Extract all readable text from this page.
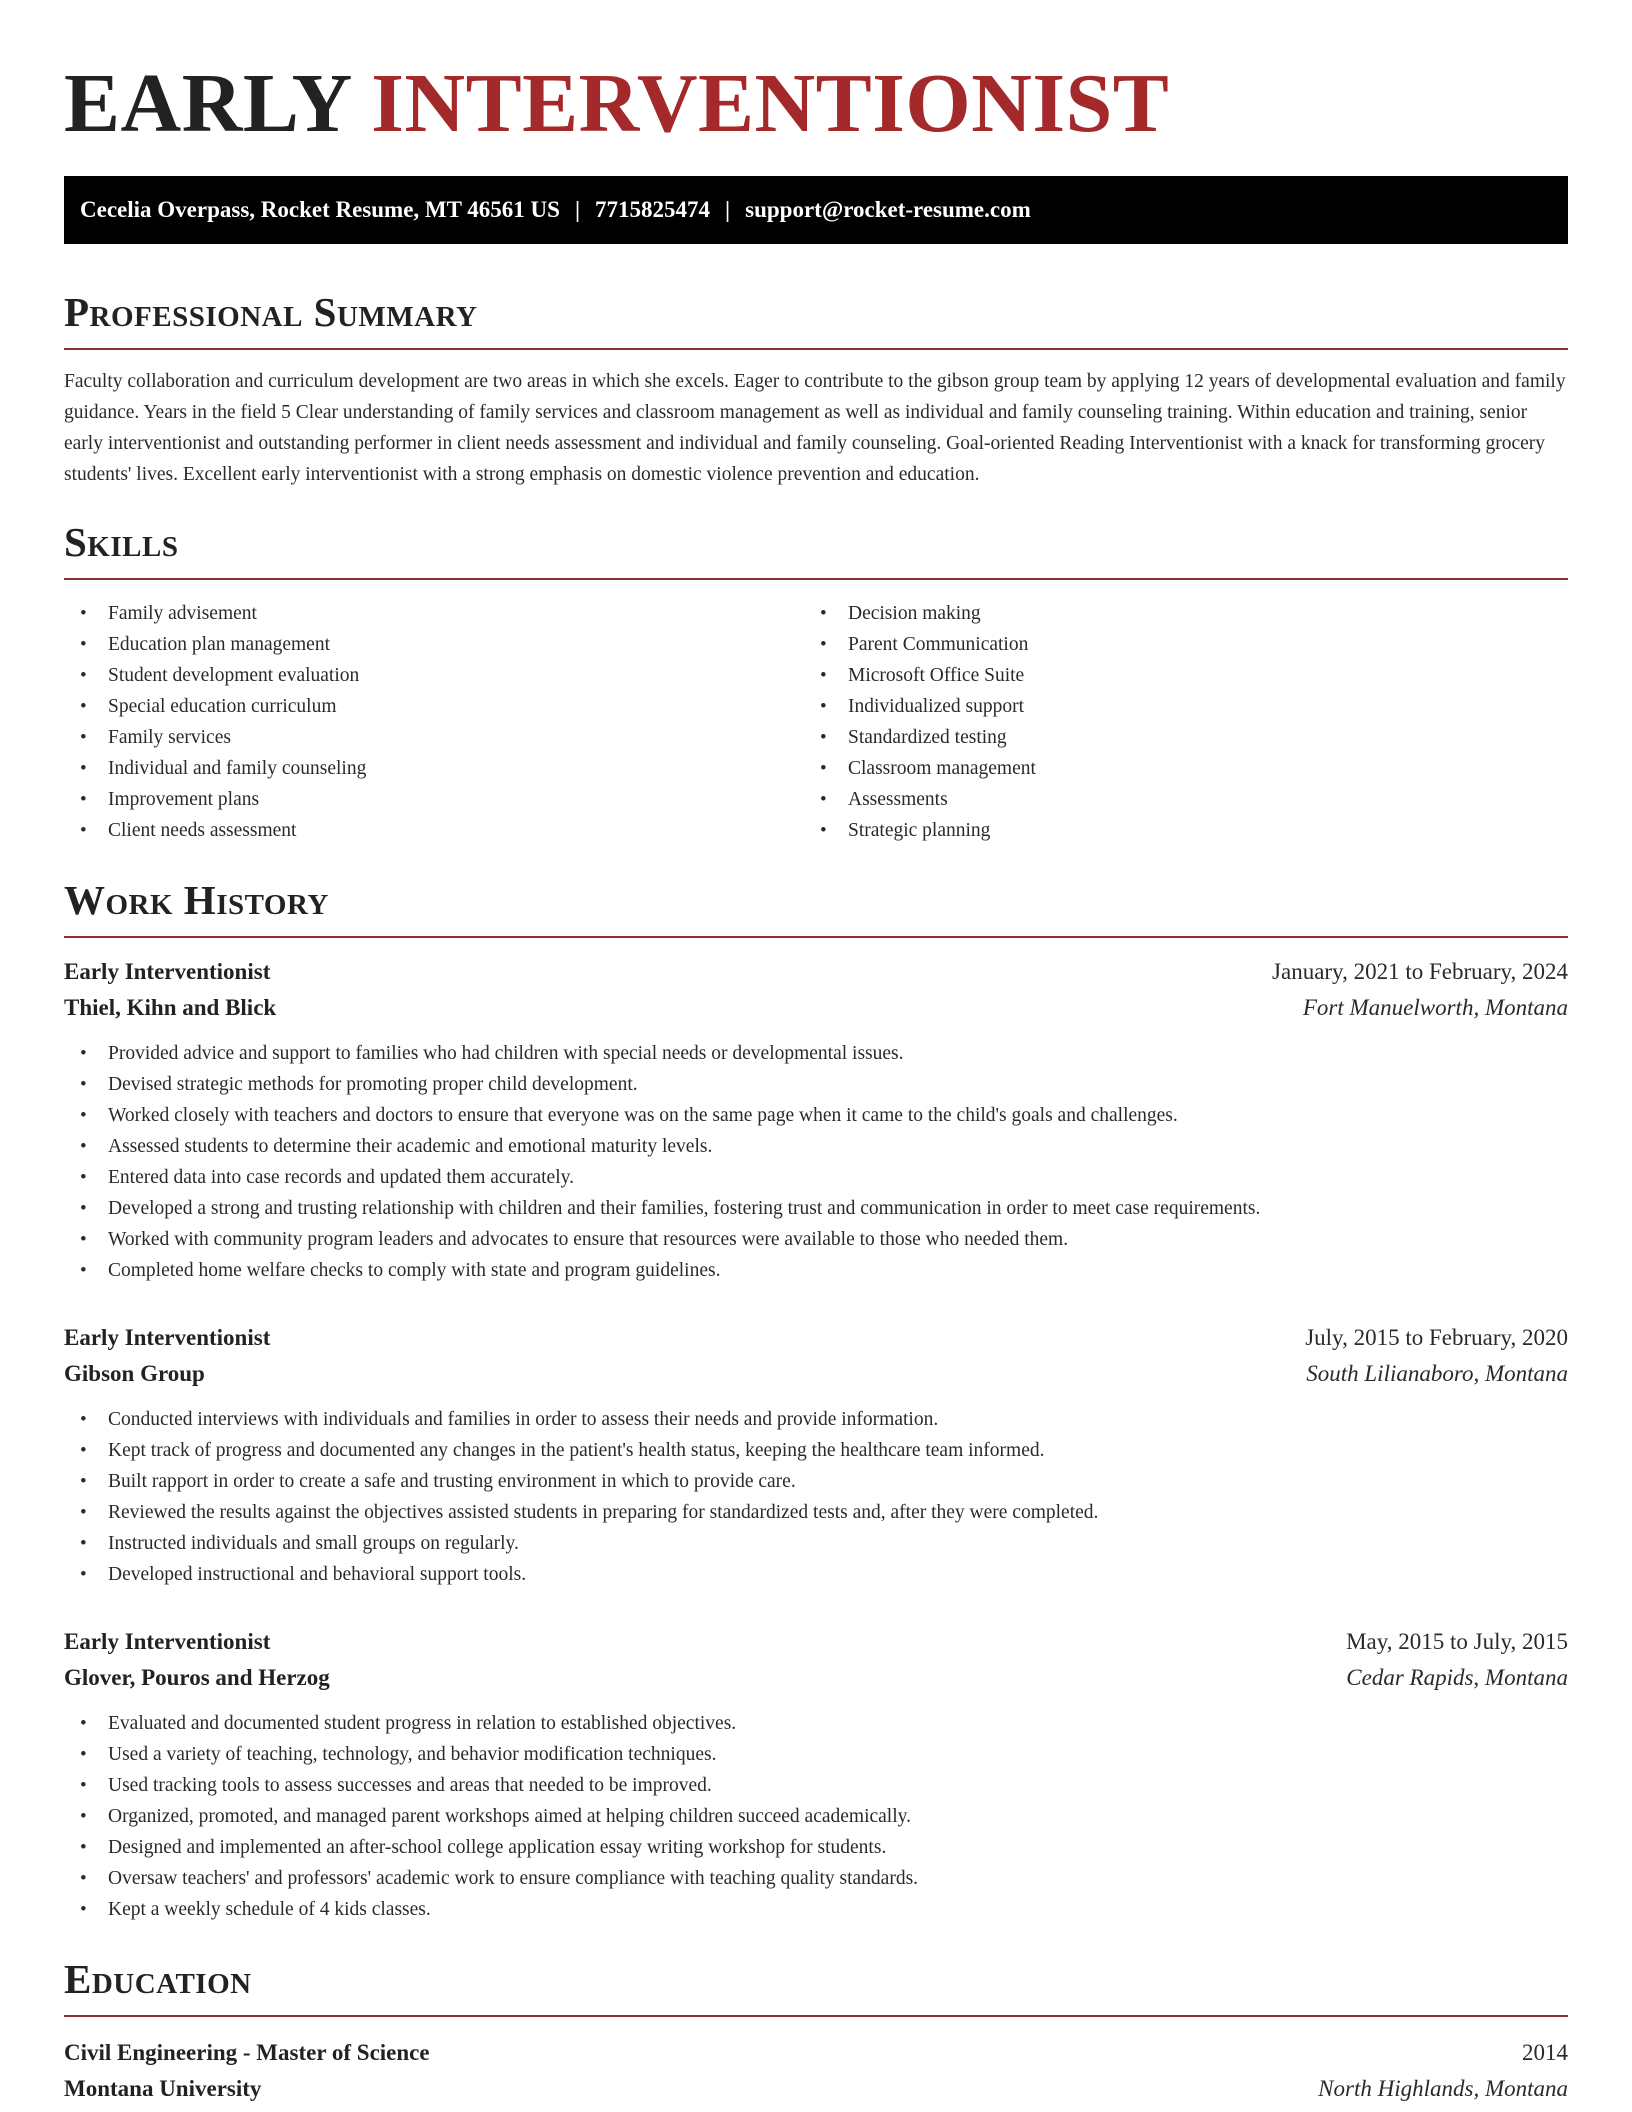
EARLY INTERVENTIONIST
Cecelia Overpass, Rocket Resume, MT 46561 US | 7715825474 | support@rocket-resume.com
Professional Summary

Faculty collaboration and curriculum development are two areas in which she excels. Eager to contribute to the gibson group team by applying 12 years of developmental evaluation and family guidance. Years in the field 5 Clear understanding of family services and classroom management as well as individual and family counseling training. Within education and training, senior early interventionist and outstanding performer in client needs assessment and individual and family counseling. Goal-oriented Reading Interventionist with a knack for transforming grocery students' lives. Excellent early interventionist with a strong emphasis on domestic violence prevention and education.

Skills
• Family advisement
• Education plan management
• Student development evaluation
• Special education curriculum
• Family services
• Individual and family counseling
• Improvement plans
• Client needs assessment
• Decision making
• Parent Communication
• Microsoft Office Suite
• Individualized support
• Standardized testing
• Classroom management
• Assessments
• Strategic planning
Work History
Early Interventionist	January, 2021 to February, 2024
Thiel, Kihn and Blick	Fort Manuelworth, Montana
• Provided advice and support to families who had children with special needs or developmental issues.
• Devised strategic methods for promoting proper child development.
• Worked closely with teachers and doctors to ensure that everyone was on the same page when it came to the child's goals and challenges.
• Assessed students to determine their academic and emotional maturity levels.
• Entered data into case records and updated them accurately.
• Developed a strong and trusting relationship with children and their families, fostering trust and communication in order to meet case requirements.
• Worked with community program leaders and advocates to ensure that resources were available to those who needed them.
• Completed home welfare checks to comply with state and program guidelines.
Early Interventionist	July, 2015 to February, 2020
Gibson Group	South Lilianaboro, Montana
• Conducted interviews with individuals and families in order to assess their needs and provide information.
• Kept track of progress and documented any changes in the patient's health status, keeping the healthcare team informed.
• Built rapport in order to create a safe and trusting environment in which to provide care.
• Reviewed the results against the objectives assisted students in preparing for standardized tests and, after they were completed.
• Instructed individuals and small groups on regularly.
• Developed instructional and behavioral support tools.
Early Interventionist	May, 2015 to July, 2015
Glover, Pouros and Herzog	Cedar Rapids, Montana
• Evaluated and documented student progress in relation to established objectives.
• Used a variety of teaching, technology, and behavior modification techniques.
• Used tracking tools to assess successes and areas that needed to be improved.
• Organized, promoted, and managed parent workshops aimed at helping children succeed academically.
• Designed and implemented an after-school college application essay writing workshop for students.
• Oversaw teachers' and professors' academic work to ensure compliance with teaching quality standards.
• Kept a weekly schedule of 4 kids classes.
Education
Civil Engineering - Master of Science	2014
Montana University	North Highlands, Montana
